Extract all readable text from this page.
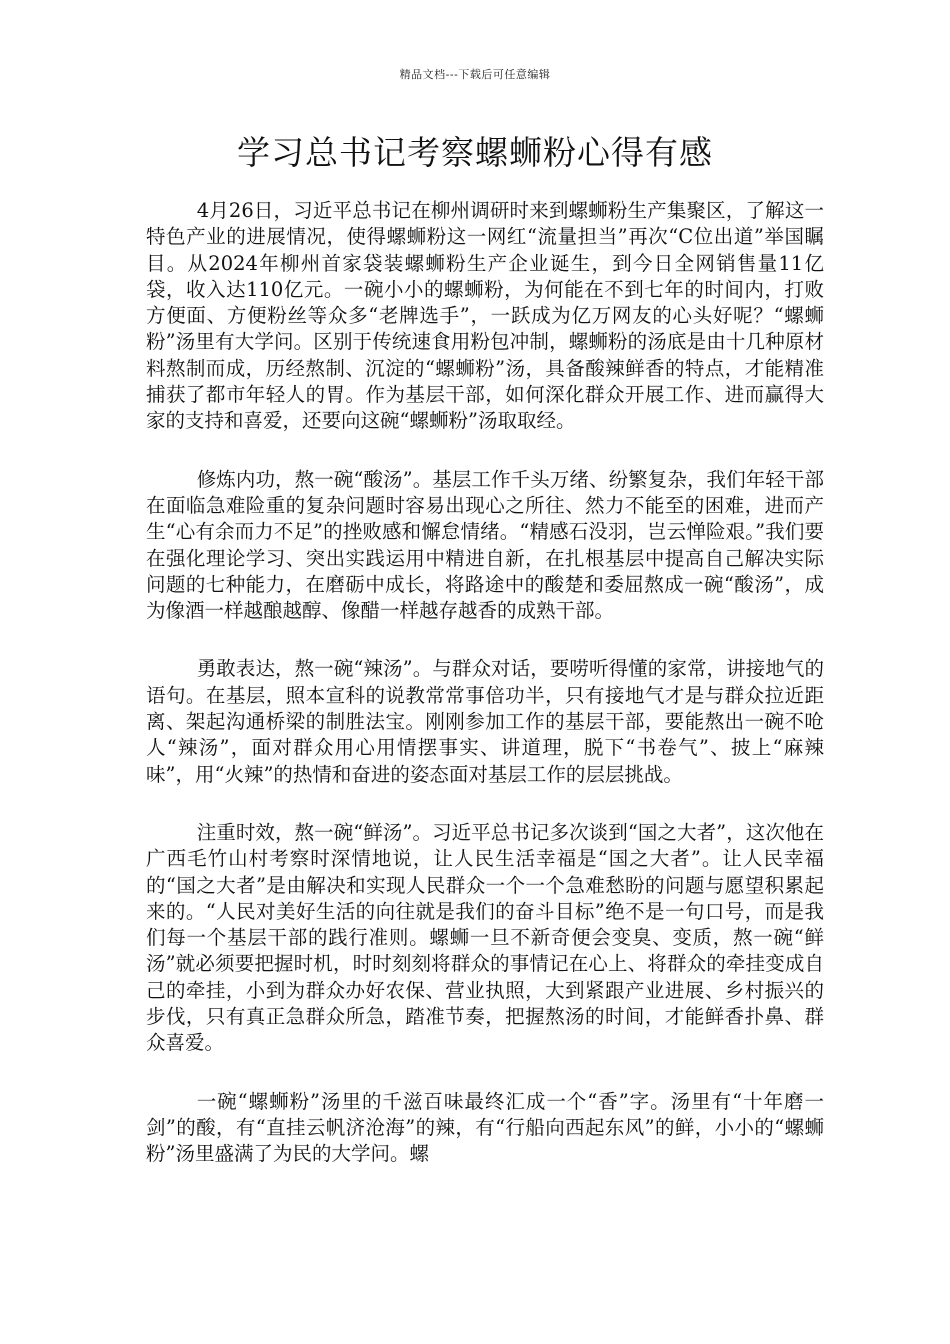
精品文档---下载后可任意编辑
学习总书记考察螺蛳粉心得有感

4月26日，习近平总书记在柳州调研时来到螺蛳粉生产集聚区，了解这一特色产业的进展情况，使得螺蛳粉这一网红“流量担当”再次“C位出道”举国瞩目。从2024年柳州首家袋装螺蛳粉生产企业诞生，到今日全网销售量11亿袋，收入达110亿元。一碗小小的螺蛳粉，为何能在不到七年的时间内，打败方便面、方便粉丝等众多“老牌选手”，一跃成为亿万网友的心头好呢？“螺蛳粉”汤里有大学问。区别于传统速食用粉包冲制，螺蛳粉的汤底是由十几种原材料熬制而成，历经熬制、沉淀的“螺蛳粉”汤，具备酸辣鲜香的特点，才能精准捕获了都市年轻人的胃。作为基层干部，如何深化群众开展工作、进而赢得大家的支持和喜爱，还要向这碗“螺蛳粉”汤取取经。

修炼内功，熬一碗“酸汤”。基层工作千头万绪、纷繁复杂，我们年轻干部在面临急难险重的复杂问题时容易出现心之所往、然力不能至的困难，进而产生“心有余而力不足”的挫败感和懈怠情绪。“精感石没羽，岂云惮险艰。”我们要在强化理论学习、突出实践运用中精进自新，在扎根基层中提高自己解决实际问题的七种能力，在磨砺中成长，将路途中的酸楚和委屈熬成一碗“酸汤”，成为像酒一样越酿越醇、像醋一样越存越香的成熟干部。

勇敢表达，熬一碗“辣汤”。与群众对话，要唠听得懂的家常，讲接地气的语句。在基层，照本宣科的说教常常事倍功半，只有接地气才是与群众拉近距离、架起沟通桥梁的制胜法宝。刚刚参加工作的基层干部，要能熬出一碗不呛人“辣汤”，面对群众用心用情摆事实、讲道理，脱下“书卷气”、披上“麻辣味”，用“火辣”的热情和奋进的姿态面对基层工作的层层挑战。

注重时效，熬一碗“鲜汤”。习近平总书记多次谈到“国之大者”，这次他在广西毛竹山村考察时深情地说，让人民生活幸福是“国之大者”。让人民幸福的“国之大者”是由解决和实现人民群众一个一个急难愁盼的问题与愿望积累起来的。“人民对美好生活的向往就是我们的奋斗目标”绝不是一句口号，而是我们每一个基层干部的践行准则。螺蛳一旦不新奇便会变臭、变质，熬一碗“鲜汤”就必须要把握时机，时时刻刻将群众的事情记在心上、将群众的牵挂变成自己的牵挂，小到为群众办好农保、营业执照，大到紧跟产业进展、乡村振兴的步伐，只有真正急群众所急，踏准节奏，把握熬汤的时间，才能鲜香扑鼻、群众喜爱。

一碗“螺蛳粉”汤里的千滋百味最终汇成一个“香”字。汤里有“十年磨一剑”的酸，有“直挂云帆济沧海”的辣，有“行船向西起东风”的鲜，小小的“螺蛳粉”汤里盛满了为民的大学问。螺
